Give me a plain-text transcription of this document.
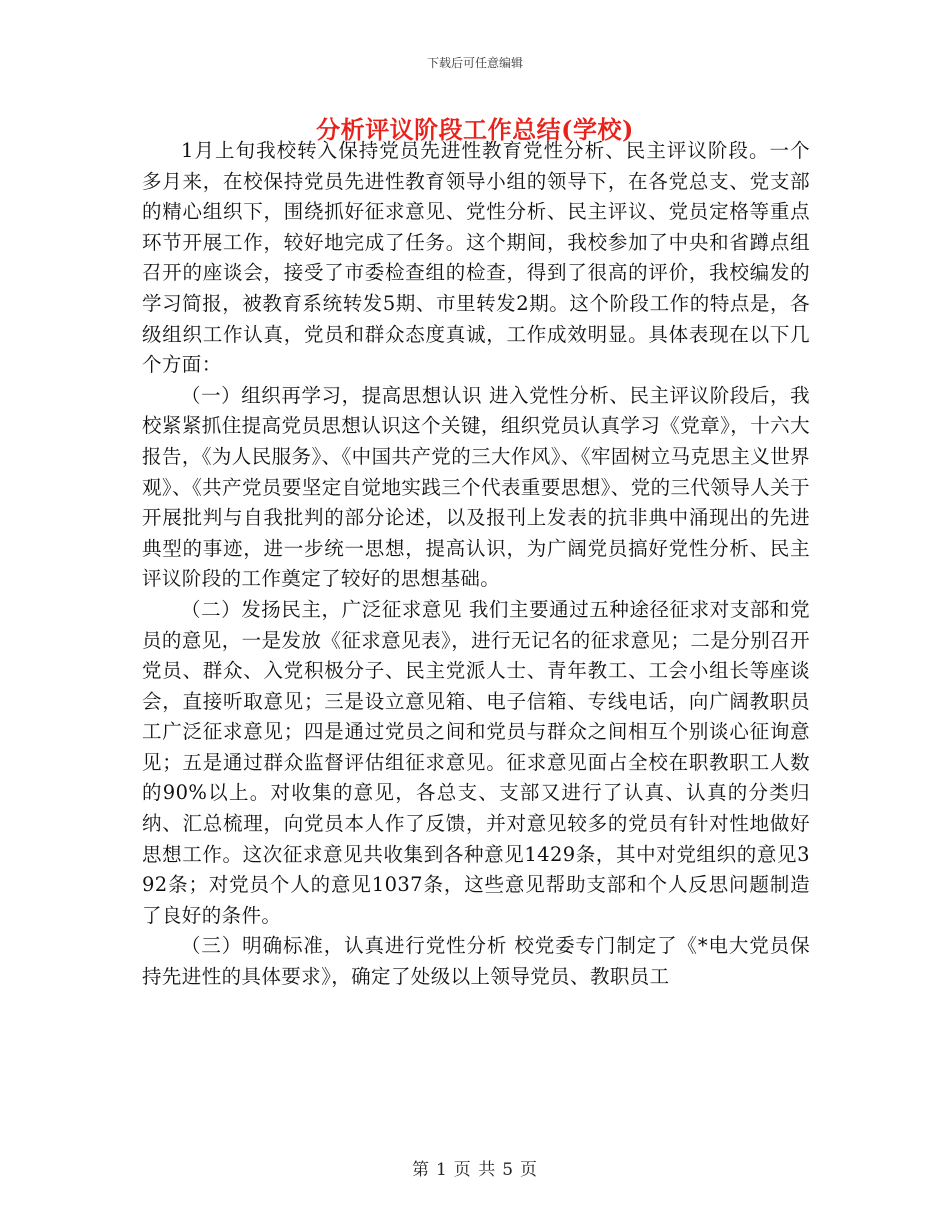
下载后可任意编辑
分析评议阶段工作总结(学校)

1月上旬我校转入保持党员先进性教育党性分析、民主评议阶段。一个多月来，在校保持党员先进性教育领导小组的领导下，在各党总支、党支部的精心组织下，围绕抓好征求意见、党性分析、民主评议、党员定格等重点环节开展工作，较好地完成了任务。这个期间，我校参加了中央和省蹲点组召开的座谈会，接受了市委检查组的检查，得到了很高的评价，我校编发的学习简报，被教育系统转发5期、市里转发2期。这个阶段工作的特点是，各级组织工作认真，党员和群众态度真诚，工作成效明显。具体表现在以下几个方面：

（一）组织再学习，提高思想认识 进入党性分析、民主评议阶段后，我校紧紧抓住提高党员思想认识这个关键，组织党员认真学习《党章》，十六大报告，《为人民服务》、《中国共产党的三大作风》、《牢固树立马克思主义世界观》、《共产党员要坚定自觉地实践三个代表重要思想》、党的三代领导人关于开展批判与自我批判的部分论述，以及报刊上发表的抗非典中涌现出的先进典型的事迹，进一步统一思想，提高认识，为广阔党员搞好党性分析、民主评议阶段的工作奠定了较好的思想基础。

（二）发扬民主，广泛征求意见 我们主要通过五种途径征求对支部和党员的意见，一是发放《征求意见表》，进行无记名的征求意见；二是分别召开党员、群众、入党积极分子、民主党派人士、青年教工、工会小组长等座谈会，直接听取意见；三是设立意见箱、电子信箱、专线电话，向广阔教职员工广泛征求意见；四是通过党员之间和党员与群众之间相互个别谈心征询意见；五是通过群众监督评估组征求意见。征求意见面占全校在职教职工人数的90%以上。对收集的意见，各总支、支部又进行了认真、认真的分类归纳、汇总梳理，向党员本人作了反馈，并对意见较多的党员有针对性地做好思想工作。这次征求意见共收集到各种意见1429条，其中对党组织的意见392条；对党员个人的意见1037条，这些意见帮助支部和个人反思问题制造了良好的条件。

（三）明确标准，认真进行党性分析 校党委专门制定了《*电大党员保持先进性的具体要求》，确定了处级以上领导党员、教职员工

第 1 页 共 5 页
